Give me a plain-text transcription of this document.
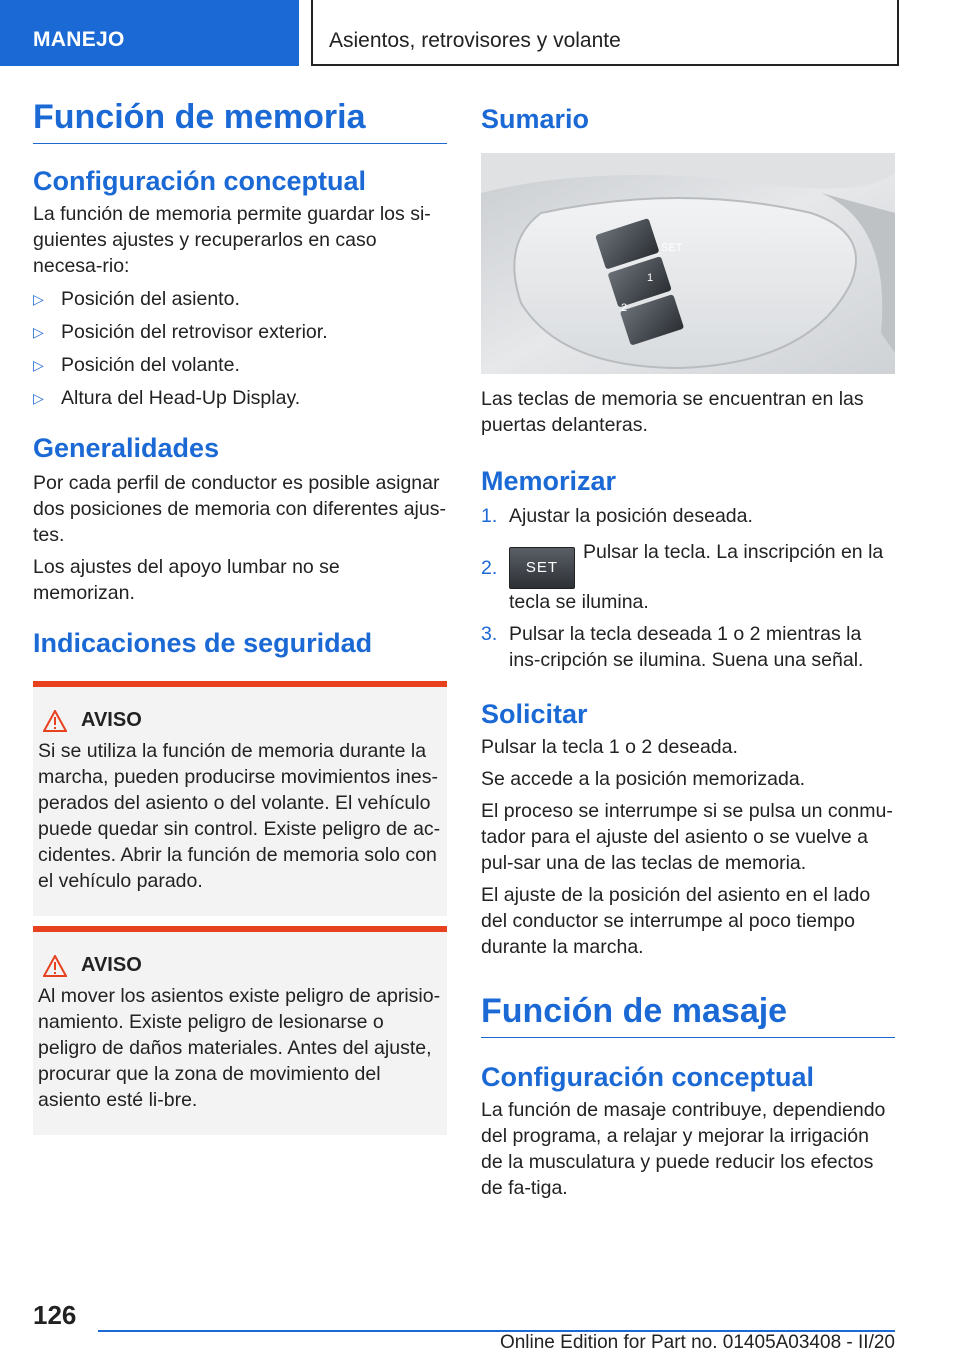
MANEJO	Asientos, retrovisores y volante
Función de memoria
Configuración conceptual

La función de memoria permite guardar los si-guientes ajustes y recuperarlos en caso necesa-rio:

▷ Posición del asiento.
▷ Posición del retrovisor exterior.
▷ Posición del volante.
▷ Altura del Head-Up Display.
Generalidades

Por cada perfil de conductor es posible asignar dos posiciones de memoria con diferentes ajus-tes.

Los ajustes del apoyo lumbar no se memorizan.

Indicaciones de seguridad
AVISO

Si se utiliza la función de memoria durante la marcha, pueden producirse movimientos ines-perados del asiento o del volante. El vehículo puede quedar sin control. Existe peligro de ac-cidentes. Abrir la función de memoria solo con el vehículo parado.

AVISO

Al mover los asientos existe peligro de aprisio-namiento. Existe peligro de lesionarse o peligro de daños materiales. Antes del ajuste, procurar que la zona de movimiento del asiento esté li-bre.

Sumario
SET
1
2

Las teclas de memoria se encuentran en las puertas delanteras.

Memorizar
1. Ajustar la posición deseada.
2. SETPulsar la tecla. La inscripción en la tecla se ilumina.
3. Pulsar la tecla deseada 1 o 2 mientras la ins-cripción se ilumina. Suena una señal.
Solicitar

Pulsar la tecla 1 o 2 deseada.

Se accede a la posición memorizada.

El proceso se interrumpe si se pulsa un conmu-tador para el ajuste del asiento o se vuelve a pul-sar una de las teclas de memoria.

El ajuste de la posición del asiento en el lado del conductor se interrumpe al poco tiempo durante la marcha.

Función de masaje
Configuración conceptual

La función de masaje contribuye, dependiendo del programa, a relajar y mejorar la irrigación de la musculatura y puede reducir los efectos de fa-tiga.

126
Online Edition for Part no. 01405A03408 - II/20
